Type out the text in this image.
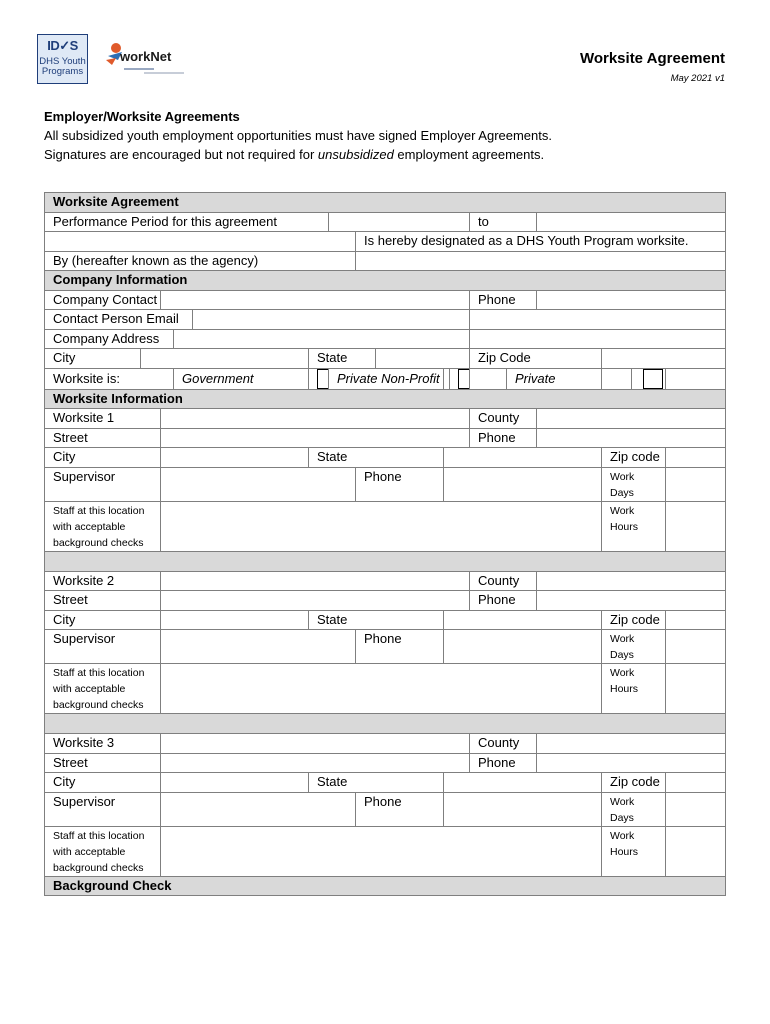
ID✓S
DHS Youth
Programs
workNet	Worksite Agreement
May 2021 v1
Employer/Worksite Agreements
All subsidized youth employment opportunities must have signed Employer Agreements.
Signatures are encouraged but not required for unsubsidized employment agreements.
Worksite Agreement																
Performance Period for this agreement											to					
							Is hereby designated as a DHS Youth Program worksite.									
By (hereafter known as the agency)																
Company Information																
Company Contact											Phone					
Contact Person Email																
Company Address																
City					State						Zip Code					
Worksite is:			Government			Private Non-Profit						Private				
Worksite Information																
Worksite 1											County					
Street											Phone					
City					State									Zip code		
Supervisor							Phone							Work
Days		
Staff at this location
with acceptable
background checks														Work
Hours		

Worksite 2											County					
Street											Phone					
City					State									Zip code		
Supervisor							Phone							Work
Days		
Staff at this location
with acceptable
background checks														Work
Hours		

Worksite 3											County					
Street											Phone					
City					State									Zip code		
Supervisor							Phone							Work
Days		
Staff at this location
with acceptable
background checks														Work
Hours		
Background Check																
